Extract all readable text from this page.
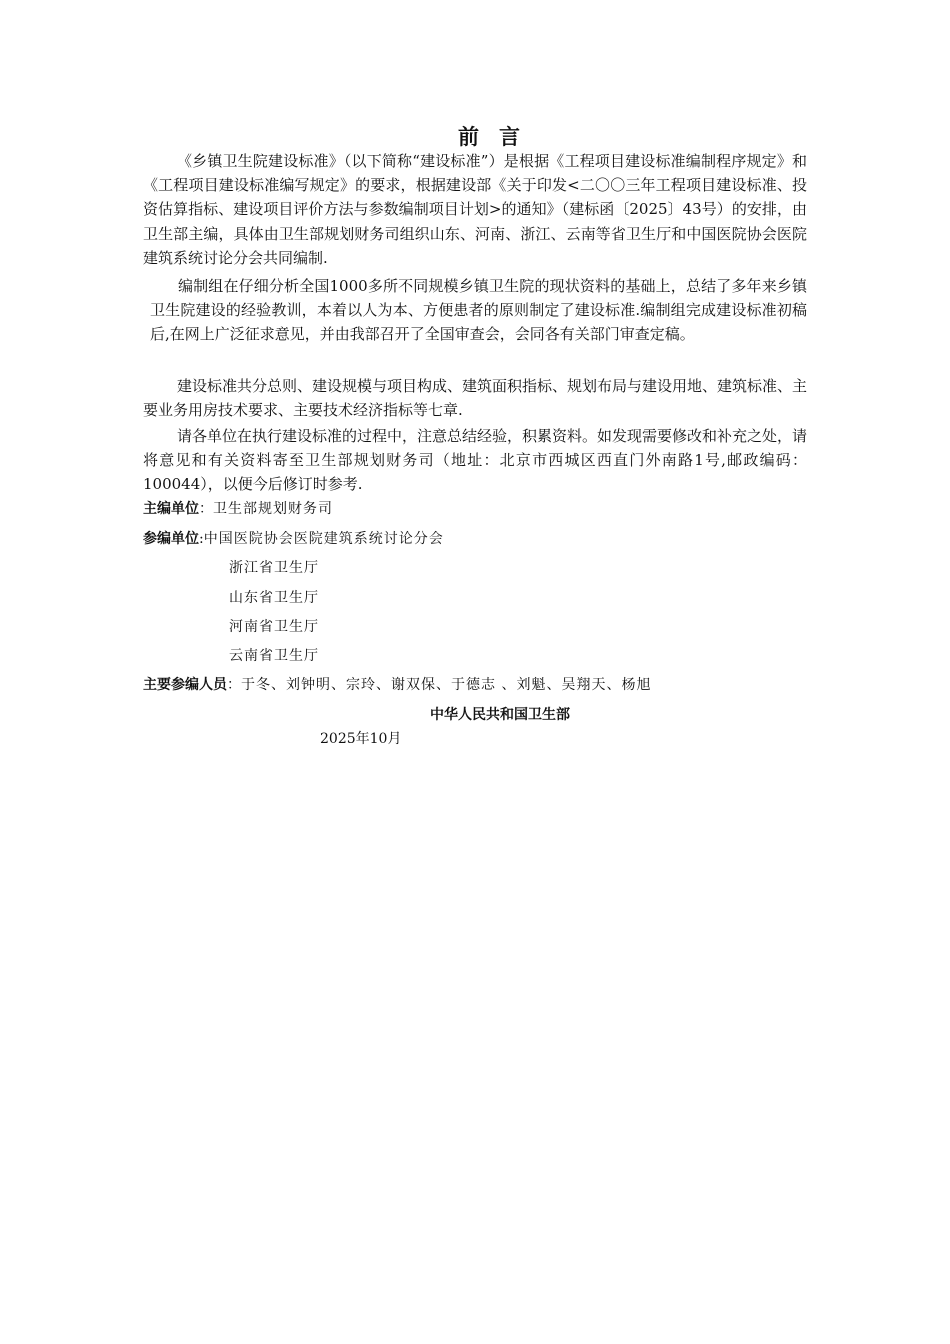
前言

《乡镇卫生院建设标准》（以下简称“建设标准”）是根据《工程项目建设标准编制程序规定》和《工程项目建设标准编写规定》的要求，根据建设部《关于印发<二〇〇三年工程项目建设标准、投资估算指标、建设项目评价方法与参数编制项目计划>的通知》（建标函〔2025〕43号）的安排，由卫生部主编，具体由卫生部规划财务司组织山东、河南、浙江、云南等省卫生厅和中国医院协会医院建筑系统讨论分会共同编制.

编制组在仔细分析全国1000多所不同规模乡镇卫生院的现状资料的基础上，总结了多年来乡镇卫生院建设的经验教训，本着以人为本、方便患者的原则制定了建设标准.编制组完成建设标准初稿后,在网上广泛征求意见，并由我部召开了全国审查会，会同各有关部门审查定稿。

建设标准共分总则、建设规模与项目构成、建筑面积指标、规划布局与建设用地、建筑标准、主要业务用房技术要求、主要技术经济指标等七章.

请各单位在执行建设标准的过程中，注意总结经验，积累资料。如发现需要修改和补充之处，请将意见和有关资料寄至卫生部规划财务司（地址：北京市西城区西直门外南路1号,邮政编码：100044），以便今后修订时参考.

主编单位：卫生部规划财务司
参编单位:中国医院协会医院建筑系统讨论分会
浙江省卫生厅
山东省卫生厅
河南省卫生厅
云南省卫生厅
主要参编人员：于冬、刘钟明、宗玲、谢双保、于德志 、刘魁、吴翔天、杨旭
中华人民共和国卫生部
2025年10月
